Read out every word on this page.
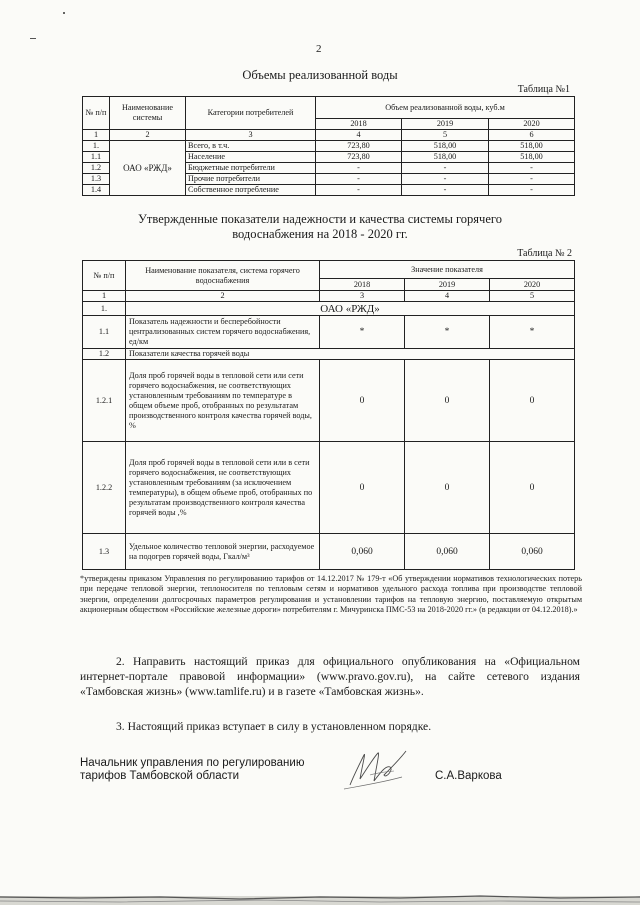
2
Объемы реализованной воды
Таблица №1
№ п/п	Наименование системы	Категории потребителей	Объем реализованной воды, куб.м		
			2018	2019	2020
1	2	3	4	5	6
1.	ОАО «РЖД»	Всего, в т.ч.	723,80	518,00	518,00
1.1		Население	723,80	518,00	518,00
1.2		Бюджетные потребители	-	-	-
1.3		Прочие потребители	-	-	-
1.4		Собственное потребление	-	-	-
Утвержденные показатели надежности и качества системы горячего
водоснабжения на 2018 - 2020 гг.
Таблица № 2
№ п/п	Наименование показателя, система горячего водоснабжения	Значение показателя		
		2018	2019	2020
1	2	3	4	5
1.	ОАО «РЖД»			
1.1	Показатель надежности и бесперебойности централизованных систем горячего водоснабжения, ед/км	*	*	*
1.2	Показатели качества горячей воды			
1.2.1	Доля проб горячей воды в тепловой сети или сети горячего водоснабжения, не соответствующих установленным требованиям по температуре в общем объеме проб, отобранных по результатам производственного контроля качества горячей воды, %	0	0	0
1.2.2	Доля проб горячей воды в тепловой сети или в сети горячего водоснабжения, не соответствующих установленным требованиям (за исключением температуры), в общем объеме проб, отобранных по результатам производственного контроля качества горячей воды ,%	0	0	0
1.3	Удельное количество тепловой энергии, расходуемое на подогрев горячей воды, Гкал/м³	0,060	0,060	0,060
*утверждены приказом Управления по регулированию тарифов от 14.12.2017 № 179-т «Об утверждении нормативов технологических потерь при передаче тепловой энергии, теплоносителя по тепловым сетям и нормативов удельного расхода топлива при производстве тепловой энергии, определении долгосрочных параметров регулирования и установлении тарифов на тепловую энергию, поставляемую открытым акционерным обществом «Российские железные дороги» потребителям г. Мичуринска ПМС-53 на 2018-2020 гг.» (в редакции от 04.12.2018).»
2. Направить настоящий приказ для официального опубликования на «Официальном интернет-портале правовой информации» (www.pravo.gov.ru), на сайте сетевого издания «Тамбовская жизнь» (www.tamlife.ru) и в газете «Тамбовская жизнь».
3. Настоящий приказ вступает в силу в установленном порядке.
Начальник управления по регулированию
тарифов Тамбовской области	С.А.Варкова
